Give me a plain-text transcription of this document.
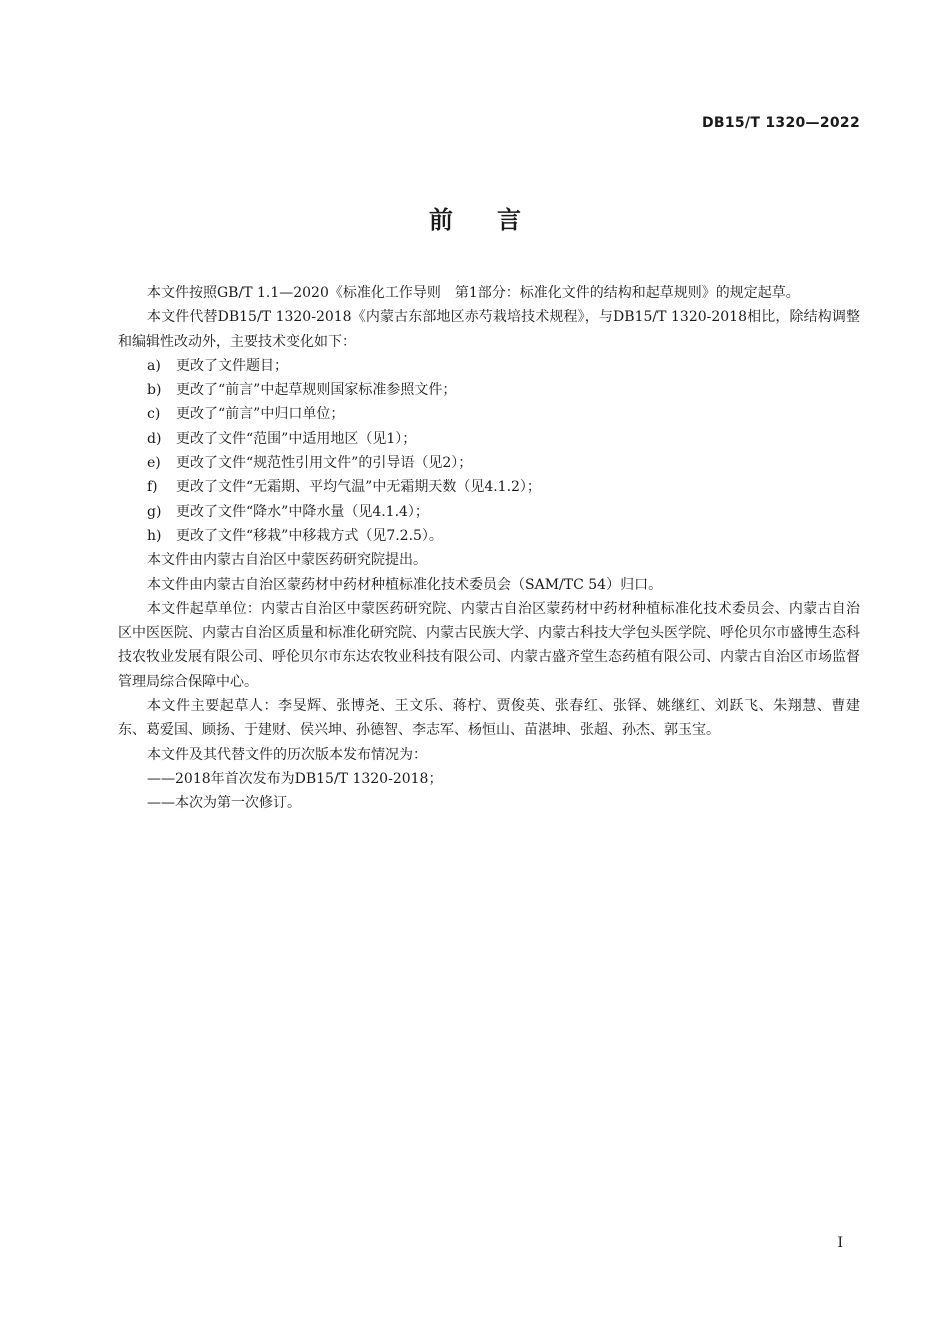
DB15/T 1320—2022
前言

本文件按照GB/T 1.1—2020《标准化工作导则　第1部分：标准化文件的结构和起草规则》的规定起草。

本文件代替DB15/T 1320-2018《内蒙古东部地区赤芍栽培技术规程》，与DB15/T 1320-2018相比，除结构调整和编辑性改动外，主要技术变化如下：

a) 更改了文件题目；
b) 更改了“前言”中起草规则国家标准参照文件；
c) 更改了“前言”中归口单位；
d) 更改了文件“范围”中适用地区（见1）；
e) 更改了文件“规范性引用文件”的引导语（见2）；
f) 更改了文件“无霜期、平均气温”中无霜期天数（见4.1.2）；
g) 更改了文件“降水”中降水量（见4.1.4）；
h) 更改了文件“移栽”中移栽方式（见7.2.5）。

本文件由内蒙古自治区中蒙医药研究院提出。

本文件由内蒙古自治区蒙药材中药材种植标准化技术委员会（SAM/TC 54）归口。

本文件起草单位：内蒙古自治区中蒙医药研究院、内蒙古自治区蒙药材中药材种植标准化技术委员会、内蒙古自治区中医医院、内蒙古自治区质量和标准化研究院、内蒙古民族大学、内蒙古科技大学包头医学院、呼伦贝尔市盛博生态科技农牧业发展有限公司、呼伦贝尔市东达农牧业科技有限公司、内蒙古盛齐堂生态药植有限公司、内蒙古自治区市场监督管理局综合保障中心。

本文件主要起草人：李旻辉、张博尧、王文乐、蒋柠、贾俊英、张春红、张铎、姚继红、刘跃飞、朱翔慧、曹建东、葛爱国、顾扬、于建财、侯兴坤、孙德智、李志军、杨恒山、苗湛坤、张超、孙杰、郭玉宝。

本文件及其代替文件的历次版本发布情况为：

——2018年首次发布为DB15/T 1320-2018；

——本次为第一次修订。

I
